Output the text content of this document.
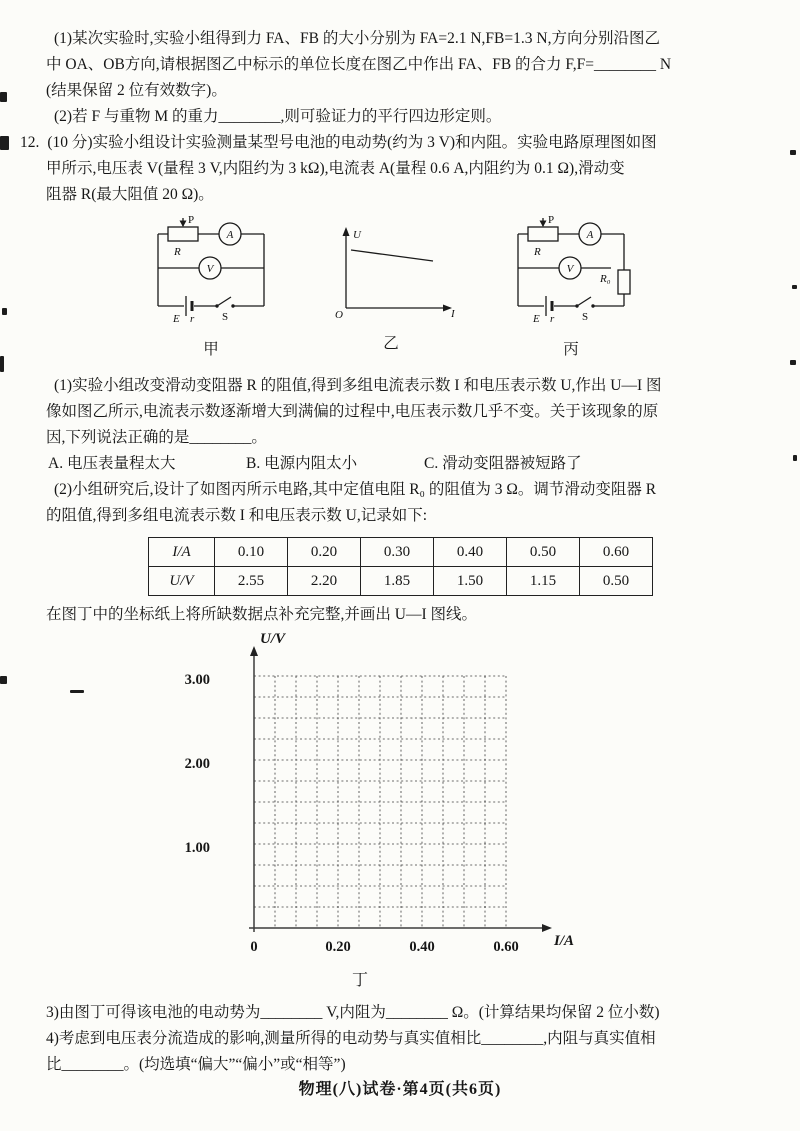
(1)某次实验时,实验小组得到力 FA、FB 的大小分别为 FA=2.1 N,FB=1.3 N,方向分别沿图乙

中 OA、OB方向,请根据图乙中标示的单位长度在图乙中作出 FA、FB 的合力 F,F=________ N

(结果保留 2 位有效数字)。

(2)若 F 与重物 M 的重力________,则可验证力的平行四边形定则。

12. (10 分)实验小组设计实验测量某型号电池的电动势(约为 3 V)和内阻。实验电路原理图如图

甲所示,电压表 V(量程 3 V,内阻约为 3 kΩ),电流表 A(量程 0.6 A,内阻约为 0.1 Ω),滑动变

阻器 R(最大阻值 20 Ω)。

P
R
A
V
E r	S
甲
U
O	I
乙
P
R
A
V
R₀
E r	S
丙

(1)实验小组改变滑动变阻器 R 的阻值,得到多组电流表示数 I 和电压表示数 U,作出 U—I 图

像如图乙所示,电流表示数逐渐增大到满偏的过程中,电压表示数几乎不变。关于该现象的原

因,下列说法正确的是________。

A. 电压表量程太大	B. 电源内阻太小	C. 滑动变阻器被短路了

(2)小组研究后,设计了如图丙所示电路,其中定值电阻 R₀ 的阻值为 3 Ω。调节滑动变阻器 R

的阻值,得到多组电流表示数 I 和电压表示数 U,记录如下:

I/A	0.10	0.20	0.30	0.40	0.50	0.60
U/V	2.55	2.20	1.85	1.50	1.15	0.50

在图丁中的坐标纸上将所缺数据点补充完整,并画出 U—I 图线。

U/V
3.00
2.00
1.00
0	0.20	0.40	0.60	I/A
丁

3)由图丁可得该电池的电动势为________ V,内阻为________ Ω。(计算结果均保留 2 位小数)

4)考虑到电压表分流造成的影响,测量所得的电动势与真实值相比________,内阻与真实值相

比________。(均选填“偏大”“偏小”或“相等”)

物理(八)试卷·第4页(共6页)
